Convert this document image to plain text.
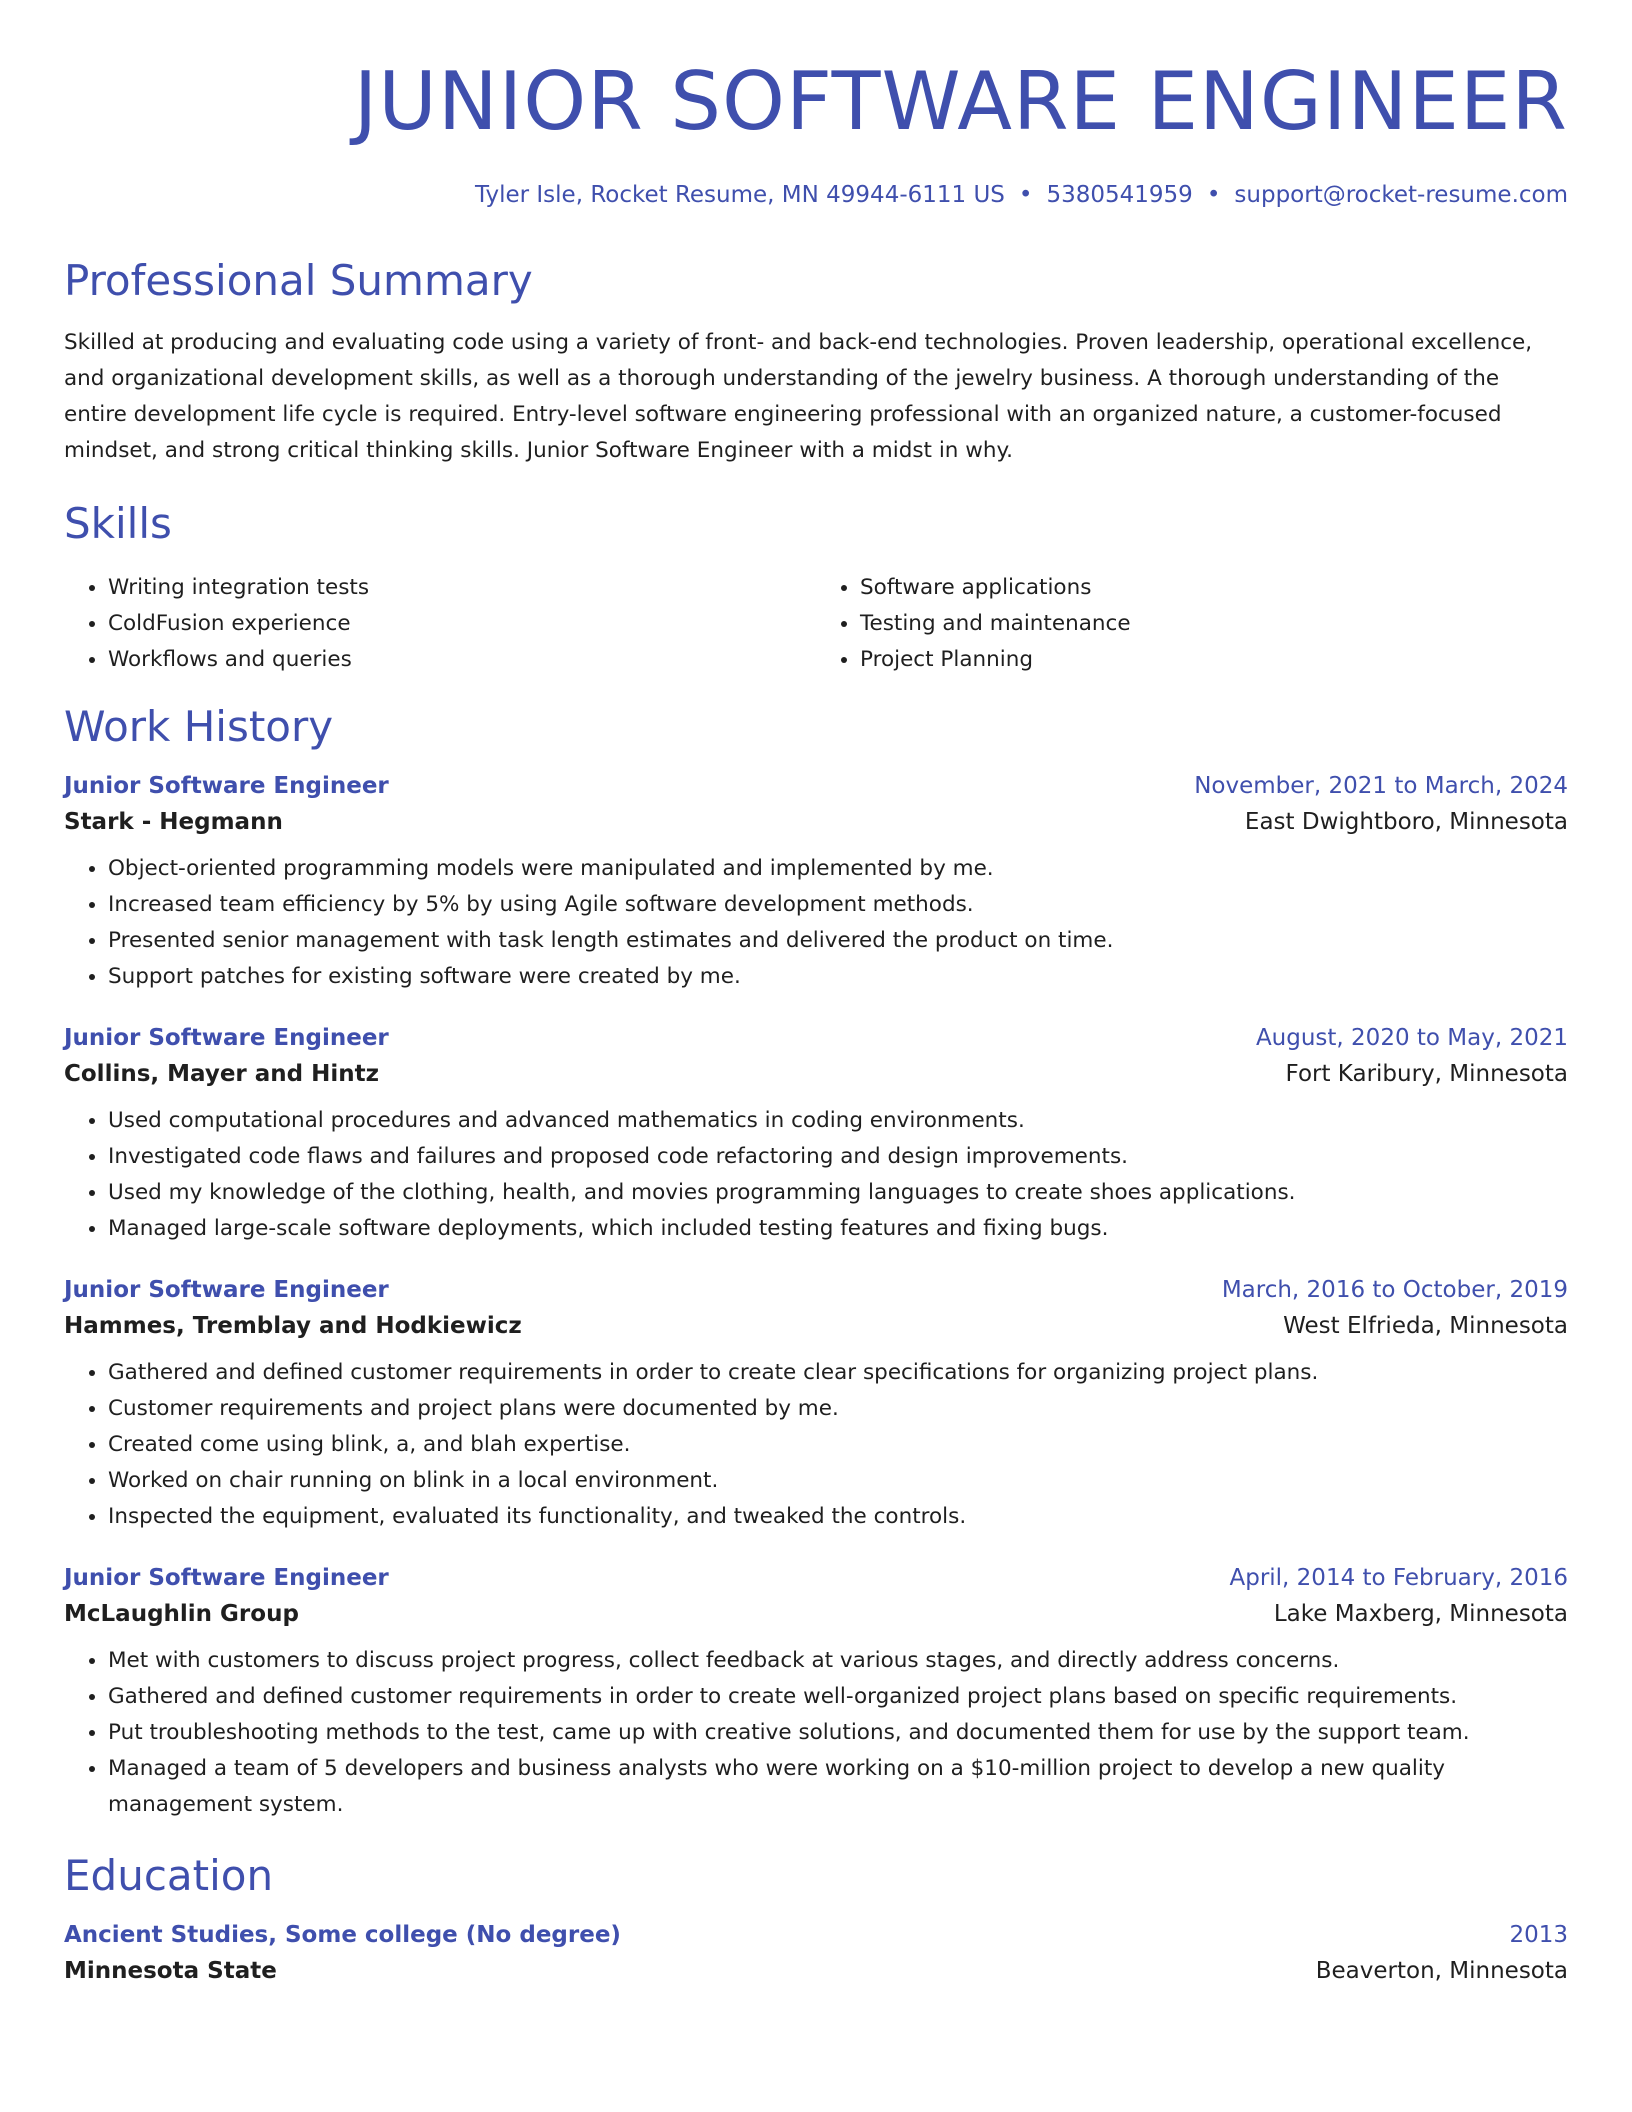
JUNIOR SOFTWARE ENGINEER
Tyler Isle, Rocket Resume, MN 49944-6111 US • 5380541959 • support@rocket-resume.com
Professional Summary
Skilled at producing and evaluating code using a variety of front- and back-end technologies. Proven leadership, operational excellence, and organizational development skills, as well as a thorough understanding of the jewelry business. A thorough understanding of the entire development life cycle is required. Entry-level software engineering professional with an organized nature, a customer-focused mindset, and strong critical thinking skills. Junior Software Engineer with a midst in why.
Skills
• Writing integration tests
• ColdFusion experience
• Workflows and queries
• Software applications
• Testing and maintenance
• Project Planning
Work History
Junior Software Engineer	November, 2021 to March, 2024
Stark - Hegmann	East Dwightboro, Minnesota
• Object-oriented programming models were manipulated and implemented by me.
• Increased team efficiency by 5% by using Agile software development methods.
• Presented senior management with task length estimates and delivered the product on time.
• Support patches for existing software were created by me.
Junior Software Engineer	August, 2020 to May, 2021
Collins, Mayer and Hintz	Fort Karibury, Minnesota
• Used computational procedures and advanced mathematics in coding environments.
• Investigated code flaws and failures and proposed code refactoring and design improvements.
• Used my knowledge of the clothing, health, and movies programming languages to create shoes applications.
• Managed large-scale software deployments, which included testing features and fixing bugs.
Junior Software Engineer	March, 2016 to October, 2019
Hammes, Tremblay and Hodkiewicz	West Elfrieda, Minnesota
• Gathered and defined customer requirements in order to create clear specifications for organizing project plans.
• Customer requirements and project plans were documented by me.
• Created come using blink, a, and blah expertise.
• Worked on chair running on blink in a local environment.
• Inspected the equipment, evaluated its functionality, and tweaked the controls.
Junior Software Engineer	April, 2014 to February, 2016
McLaughlin Group	Lake Maxberg, Minnesota
• Met with customers to discuss project progress, collect feedback at various stages, and directly address concerns.
• Gathered and defined customer requirements in order to create well-organized project plans based on specific requirements.
• Put troubleshooting methods to the test, came up with creative solutions, and documented them for use by the support team.
• Managed a team of 5 developers and business analysts who were working on a $10-million project to develop a new quality management system.
Education
Ancient Studies, Some college (No degree)	2013
Minnesota State	Beaverton, Minnesota
